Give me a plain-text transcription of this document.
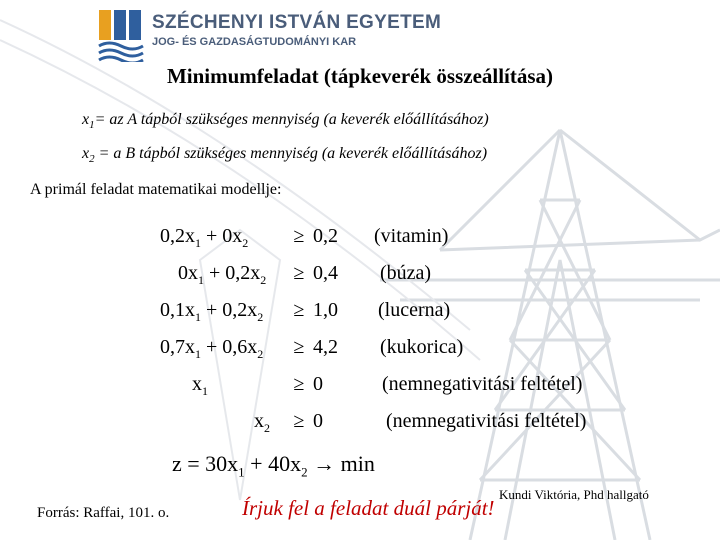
SZÉCHENYI ISTVÁN EGYETEM
JOG- ÉS GAZDASÁGTUDOMÁNYI KAR
Minimumfeladat (tápkeverék összeállítása)
$x_1=$ az A tápból szükséges mennyiség (a keverék előállításához)
$x_2 = a$ B tápból szükséges mennyiség (a keverék előállításához)
A primál feladat matematikai modellje:
$0,2x_1 + 0x_2 \ge 0,2$ (vitamin)
$0x_1 + 0,2x_2 \ge 0,4$ (búza)
$0,1x_1 + 0,2x_2 \ge 1,0$ (lucerna)
$0,7x_1 + 0,6x_2 \ge 4,2$ (kukorica)
$x_1$	≥ 0	(nemnegativitási feltétel)
$x_2 \ge 0$	(nemnegativitási feltétel)
$z = 30x_1 + 40x_2 \to \min$
Forrás: Raffai, 101. o.
Kundi Viktória, Phd hallgató
Írjuk fel a feladat duál párját!
